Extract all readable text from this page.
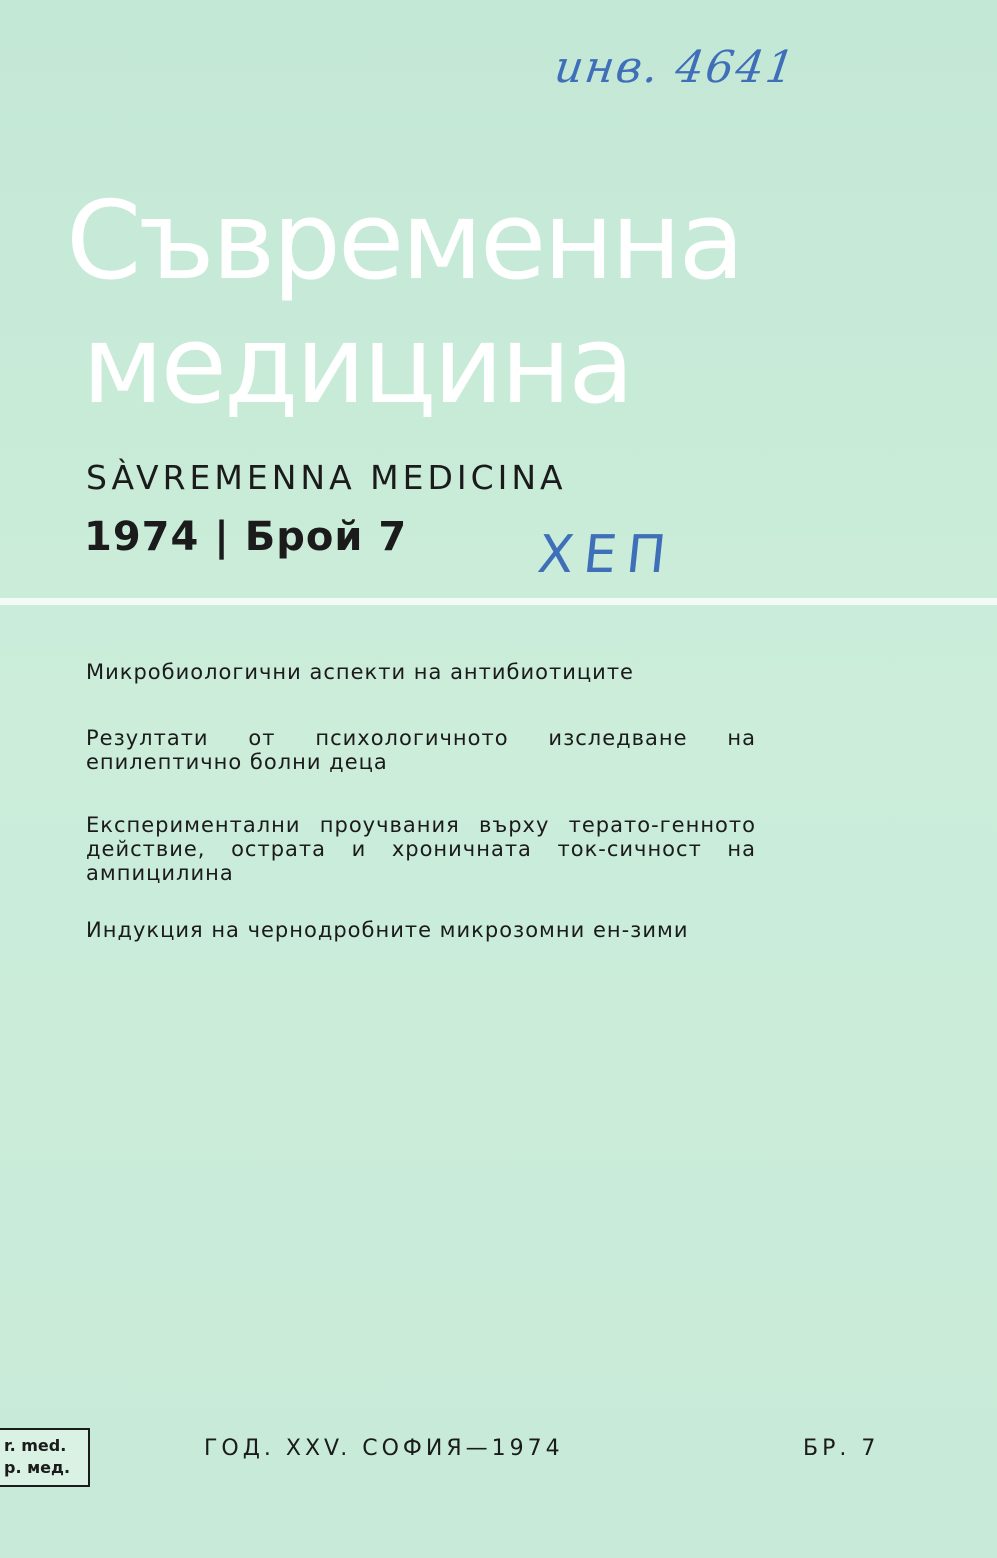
инв. 4641
Съвременна
медицина
SÀVREMENNA MEDICINA
1974 | Брой 7 ХЕП
Микробиологични аспекти на антибиотиците
Резултати от психологичното изследване на епилептично болни деца
Експериментални проучвания върху терато-генното действие, острата и хроничната ток-сичност на ампицилина
Индукция на чернодробните микрозомни ен-зими
r. med.
p. мед.
ГОД. XXV. СОФИЯ—1974	БР. 7
